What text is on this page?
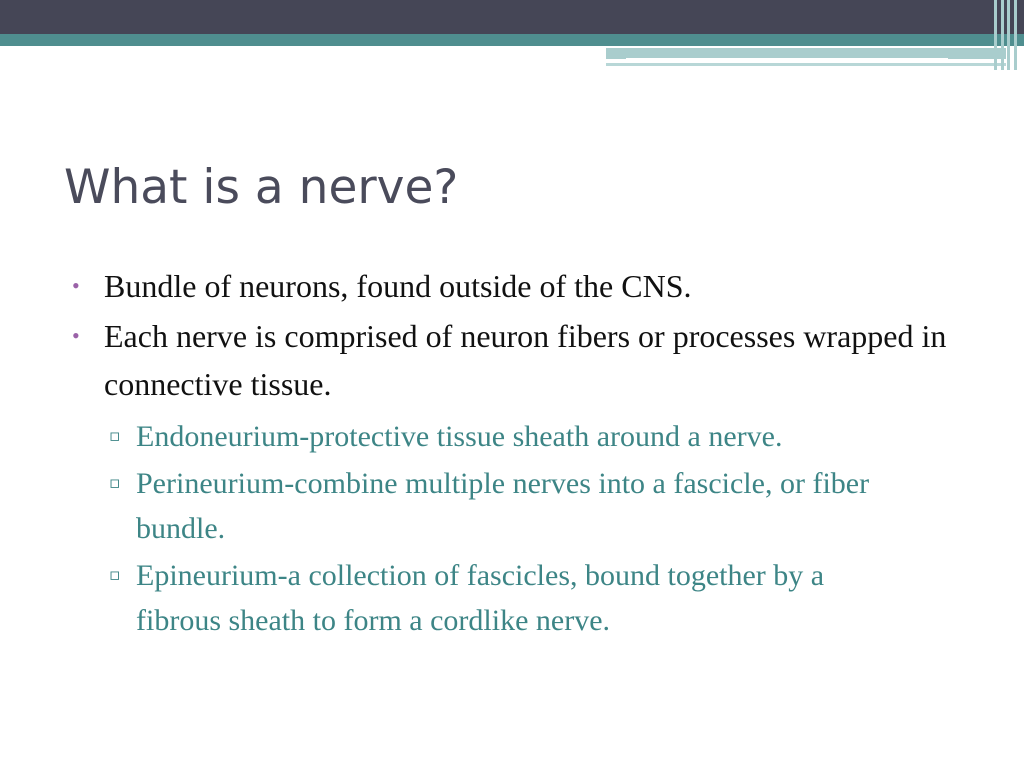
What is a nerve?
• Bundle of neurons, found outside of the CNS.
• Each nerve is comprised of neuron fibers or processes wrapped in connective tissue.
▫ Endoneurium-protective tissue sheath around a nerve.
▫ Perineurium-combine multiple nerves into a fascicle, or fiber bundle.
▫ Epineurium-a collection of fascicles, bound together by a fibrous sheath to form a cordlike nerve.
